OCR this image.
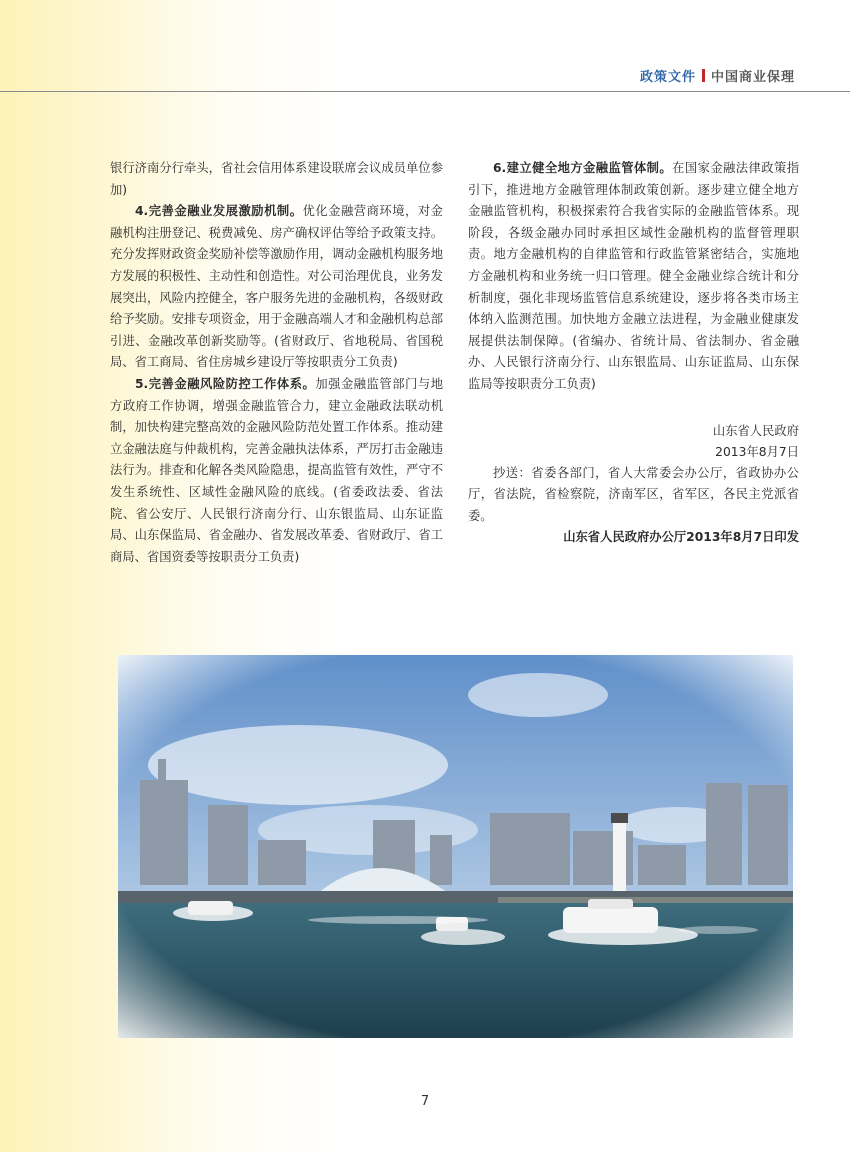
政策文件 中国商业保理

银行济南分行牵头，省社会信用体系建设联席会议成员单位参加)

4.完善金融业发展激励机制。优化金融营商环境，对金融机构注册登记、税费减免、房产确权评估等给予政策支持。充分发挥财政资金奖励补偿等激励作用，调动金融机构服务地方发展的积极性、主动性和创造性。对公司治理优良，业务发展突出，风险内控健全，客户服务先进的金融机构，各级财政给予奖励。安排专项资金，用于金融高端人才和金融机构总部引进、金融改革创新奖励等。(省财政厅、省地税局、省国税局、省工商局、省住房城乡建设厅等按职责分工负责)

5.完善金融风险防控工作体系。加强金融监管部门与地方政府工作协调，增强金融监管合力，建立金融政法联动机制，加快构建完整高效的金融风险防范处置工作体系。推动建立金融法庭与仲裁机构，完善金融执法体系，严厉打击金融违法行为。排查和化解各类风险隐患，提高监管有效性，严守不发生系统性、区域性金融风险的底线。(省委政法委、省法院、省公安厅、人民银行济南分行、山东银监局、山东证监局、山东保监局、省金融办、省发展改革委、省财政厅、省工商局、省国资委等按职责分工负责)

6.建立健全地方金融监管体制。在国家金融法律政策指引下，推进地方金融管理体制政策创新。逐步建立健全地方金融监管机构，积极探索符合我省实际的金融监管体系。现阶段，各级金融办同时承担区域性金融机构的监督管理职责。地方金融机构的自律监管和行政监管紧密结合，实施地方金融机构和业务统一归口管理。健全金融业综合统计和分析制度，强化非现场监管信息系统建设，逐步将各类市场主体纳入监测范围。加快地方金融立法进程，为金融业健康发展提供法制保障。(省编办、省统计局、省法制办、省金融办、人民银行济南分行、山东银监局、山东证监局、山东保监局等按职责分工负责)

山东省人民政府

2013年8月7日

抄送：省委各部门，省人大常委会办公厅，省政协办公厅，省法院，省检察院，济南军区，省军区，各民主党派省委。

山东省人民政府办公厅2013年8月7日印发

7
